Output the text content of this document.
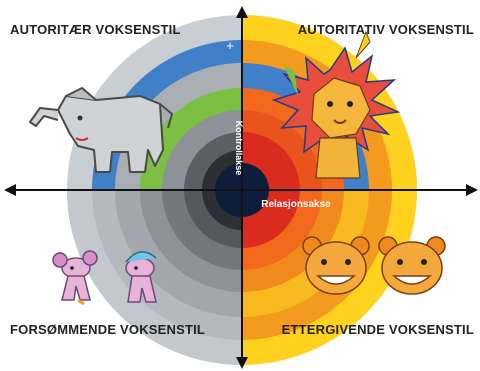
Kontrollakse
Relasjonsakse
+
+
–
AUTORITÆR VOKSENSTIL	AUTORITATIV VOKSENSTIL
FORSØMMENDE VOKSENSTIL	ETTERGIVENDE VOKSENSTIL
